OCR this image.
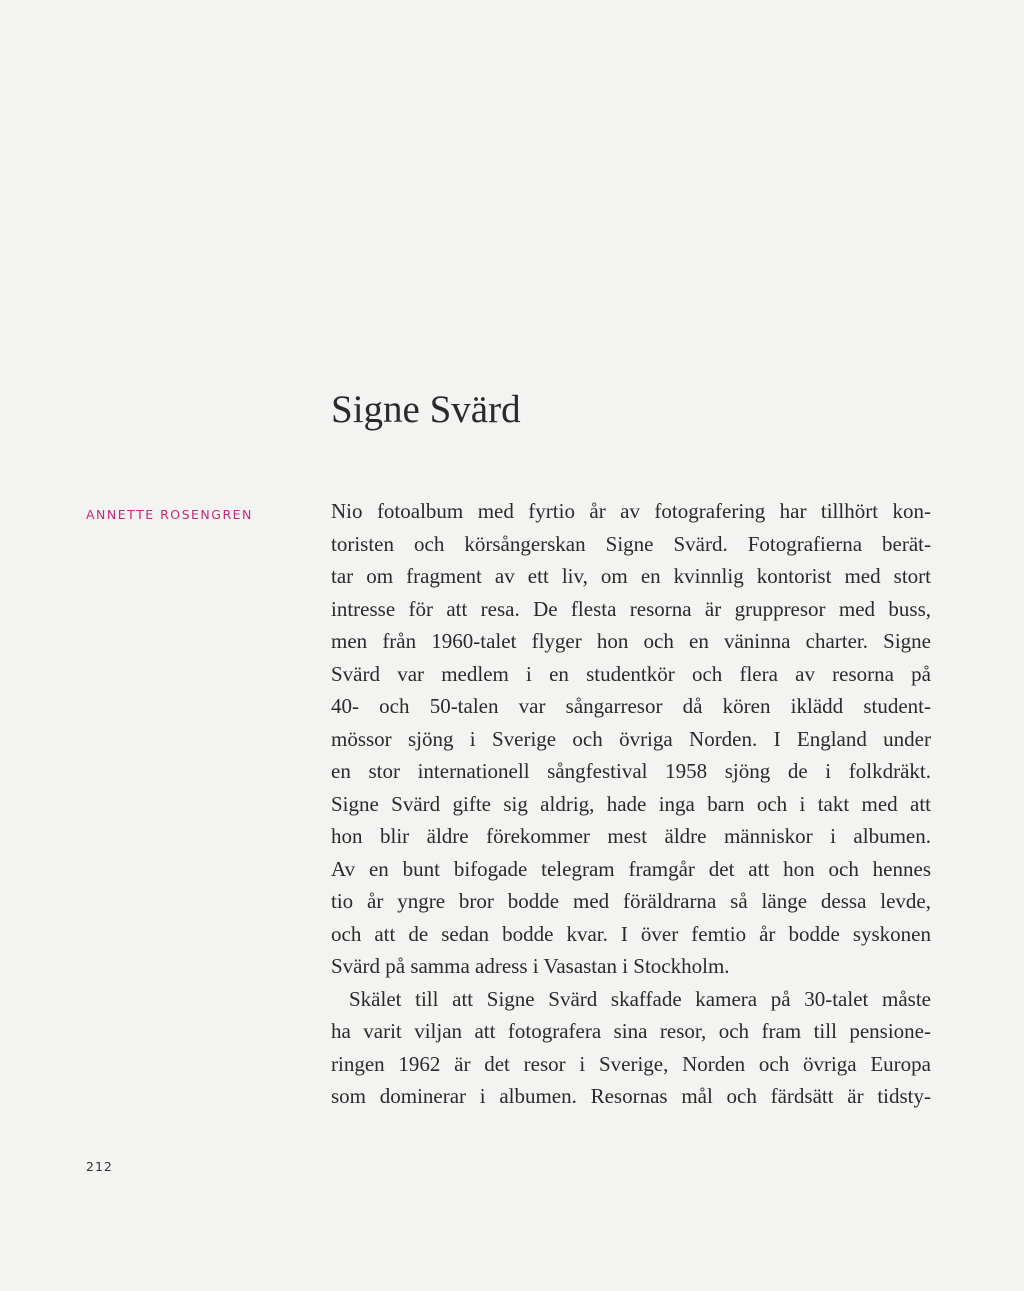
Signe Svärd
ANNETTE ROSENGREN	Nio fotoalbum med fyrtio år av fotografering har tillhört kon-
toristen och körsångerskan Signe Svärd. Fotografierna berät-
tar om fragment av ett liv, om en kvinnlig kontorist med stort
intresse för att resa. De flesta resorna är gruppresor med buss,
men från 1960-talet flyger hon och en väninna charter. Signe
Svärd var medlem i en studentkör och flera av resorna på
40- och 50-talen var sångarresor då kören iklädd student-
mössor sjöng i Sverige och övriga Norden. I England under
en stor internationell sångfestival 1958 sjöng de i folkdräkt.
Signe Svärd gifte sig aldrig, hade inga barn och i takt med att
hon blir äldre förekommer mest äldre människor i albumen.
Av en bunt bifogade telegram framgår det att hon och hennes
tio år yngre bror bodde med föräldrarna så länge dessa levde,
och att de sedan bodde kvar. I över femtio år bodde syskonen
Svärd på samma adress i Vasastan i Stockholm.
Skälet till att Signe Svärd skaffade kamera på 30-talet måste
ha varit viljan att fotografera sina resor, och fram till pensione-
ringen 1962 är det resor i Sverige, Norden och övriga Europa
som dominerar i albumen. Resornas mål och färdsätt är tidsty-
212
